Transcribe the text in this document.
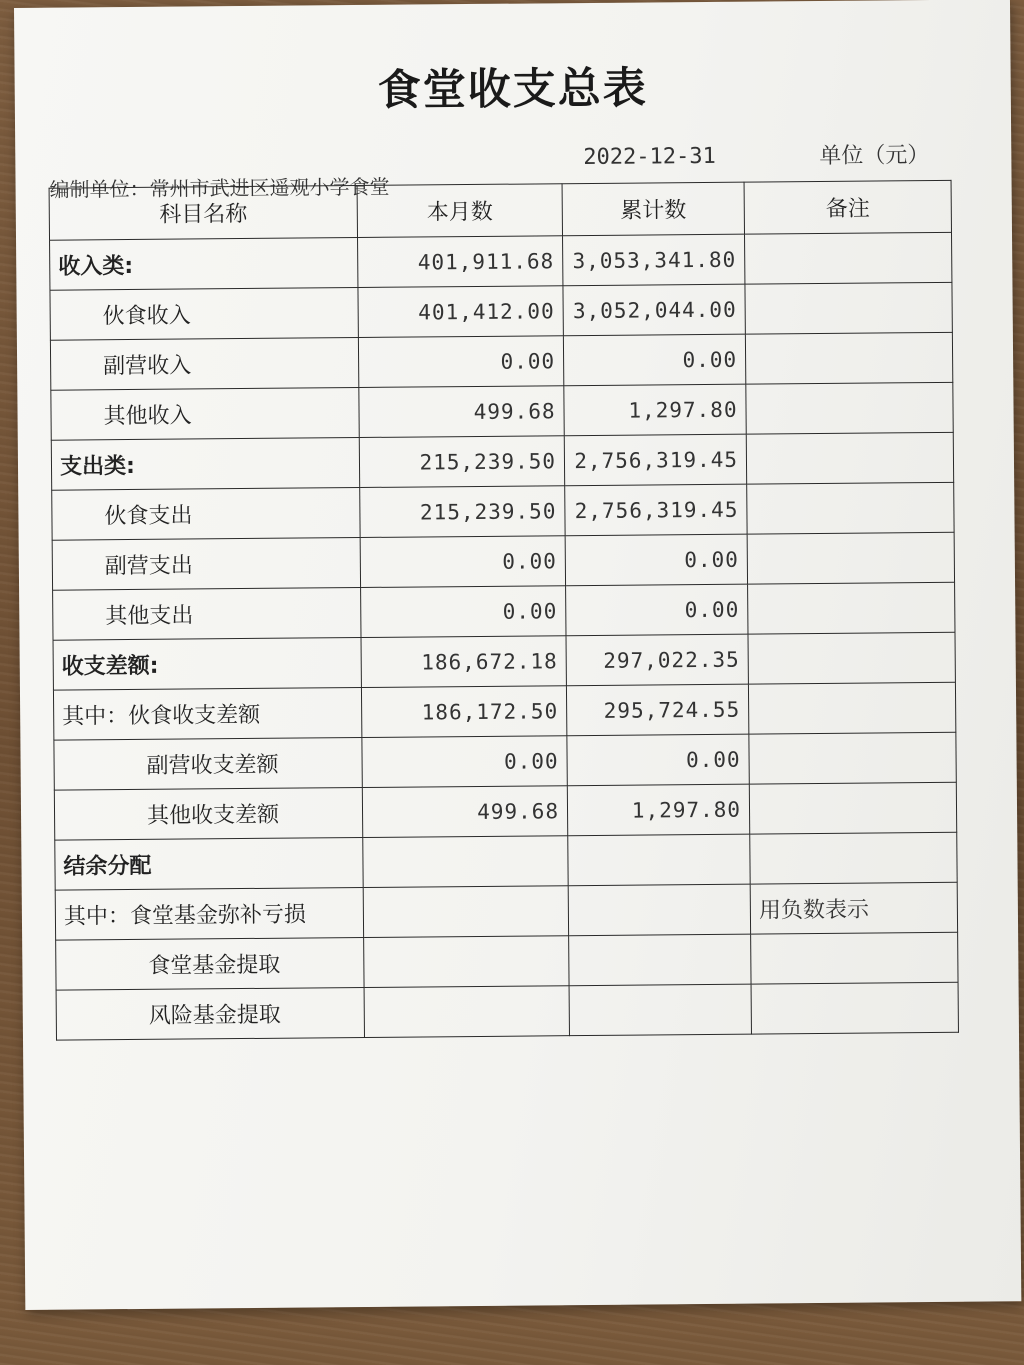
食堂收支总表
2022-12-31	单位（元）
编制单位：常州市武进区遥观小学食堂
科目名称	本月数	累计数	备注
收入类:	401,911.68	3,053,341.80	
伙食收入	401,412.00	3,052,044.00	
副营收入	0.00	0.00	
其他收入	499.68	1,297.80	
支出类:	215,239.50	2,756,319.45	
伙食支出	215,239.50	2,756,319.45	
副营支出	0.00	0.00	
其他支出	0.00	0.00	
收支差额:	186,672.18	297,022.35	
其中：伙食收支差额	186,172.50	295,724.55	
副营收支差额	0.00	0.00	
其他收支差额	499.68	1,297.80	
结余分配			
其中：食堂基金弥补亏损			用负数表示
食堂基金提取			
风险基金提取			
